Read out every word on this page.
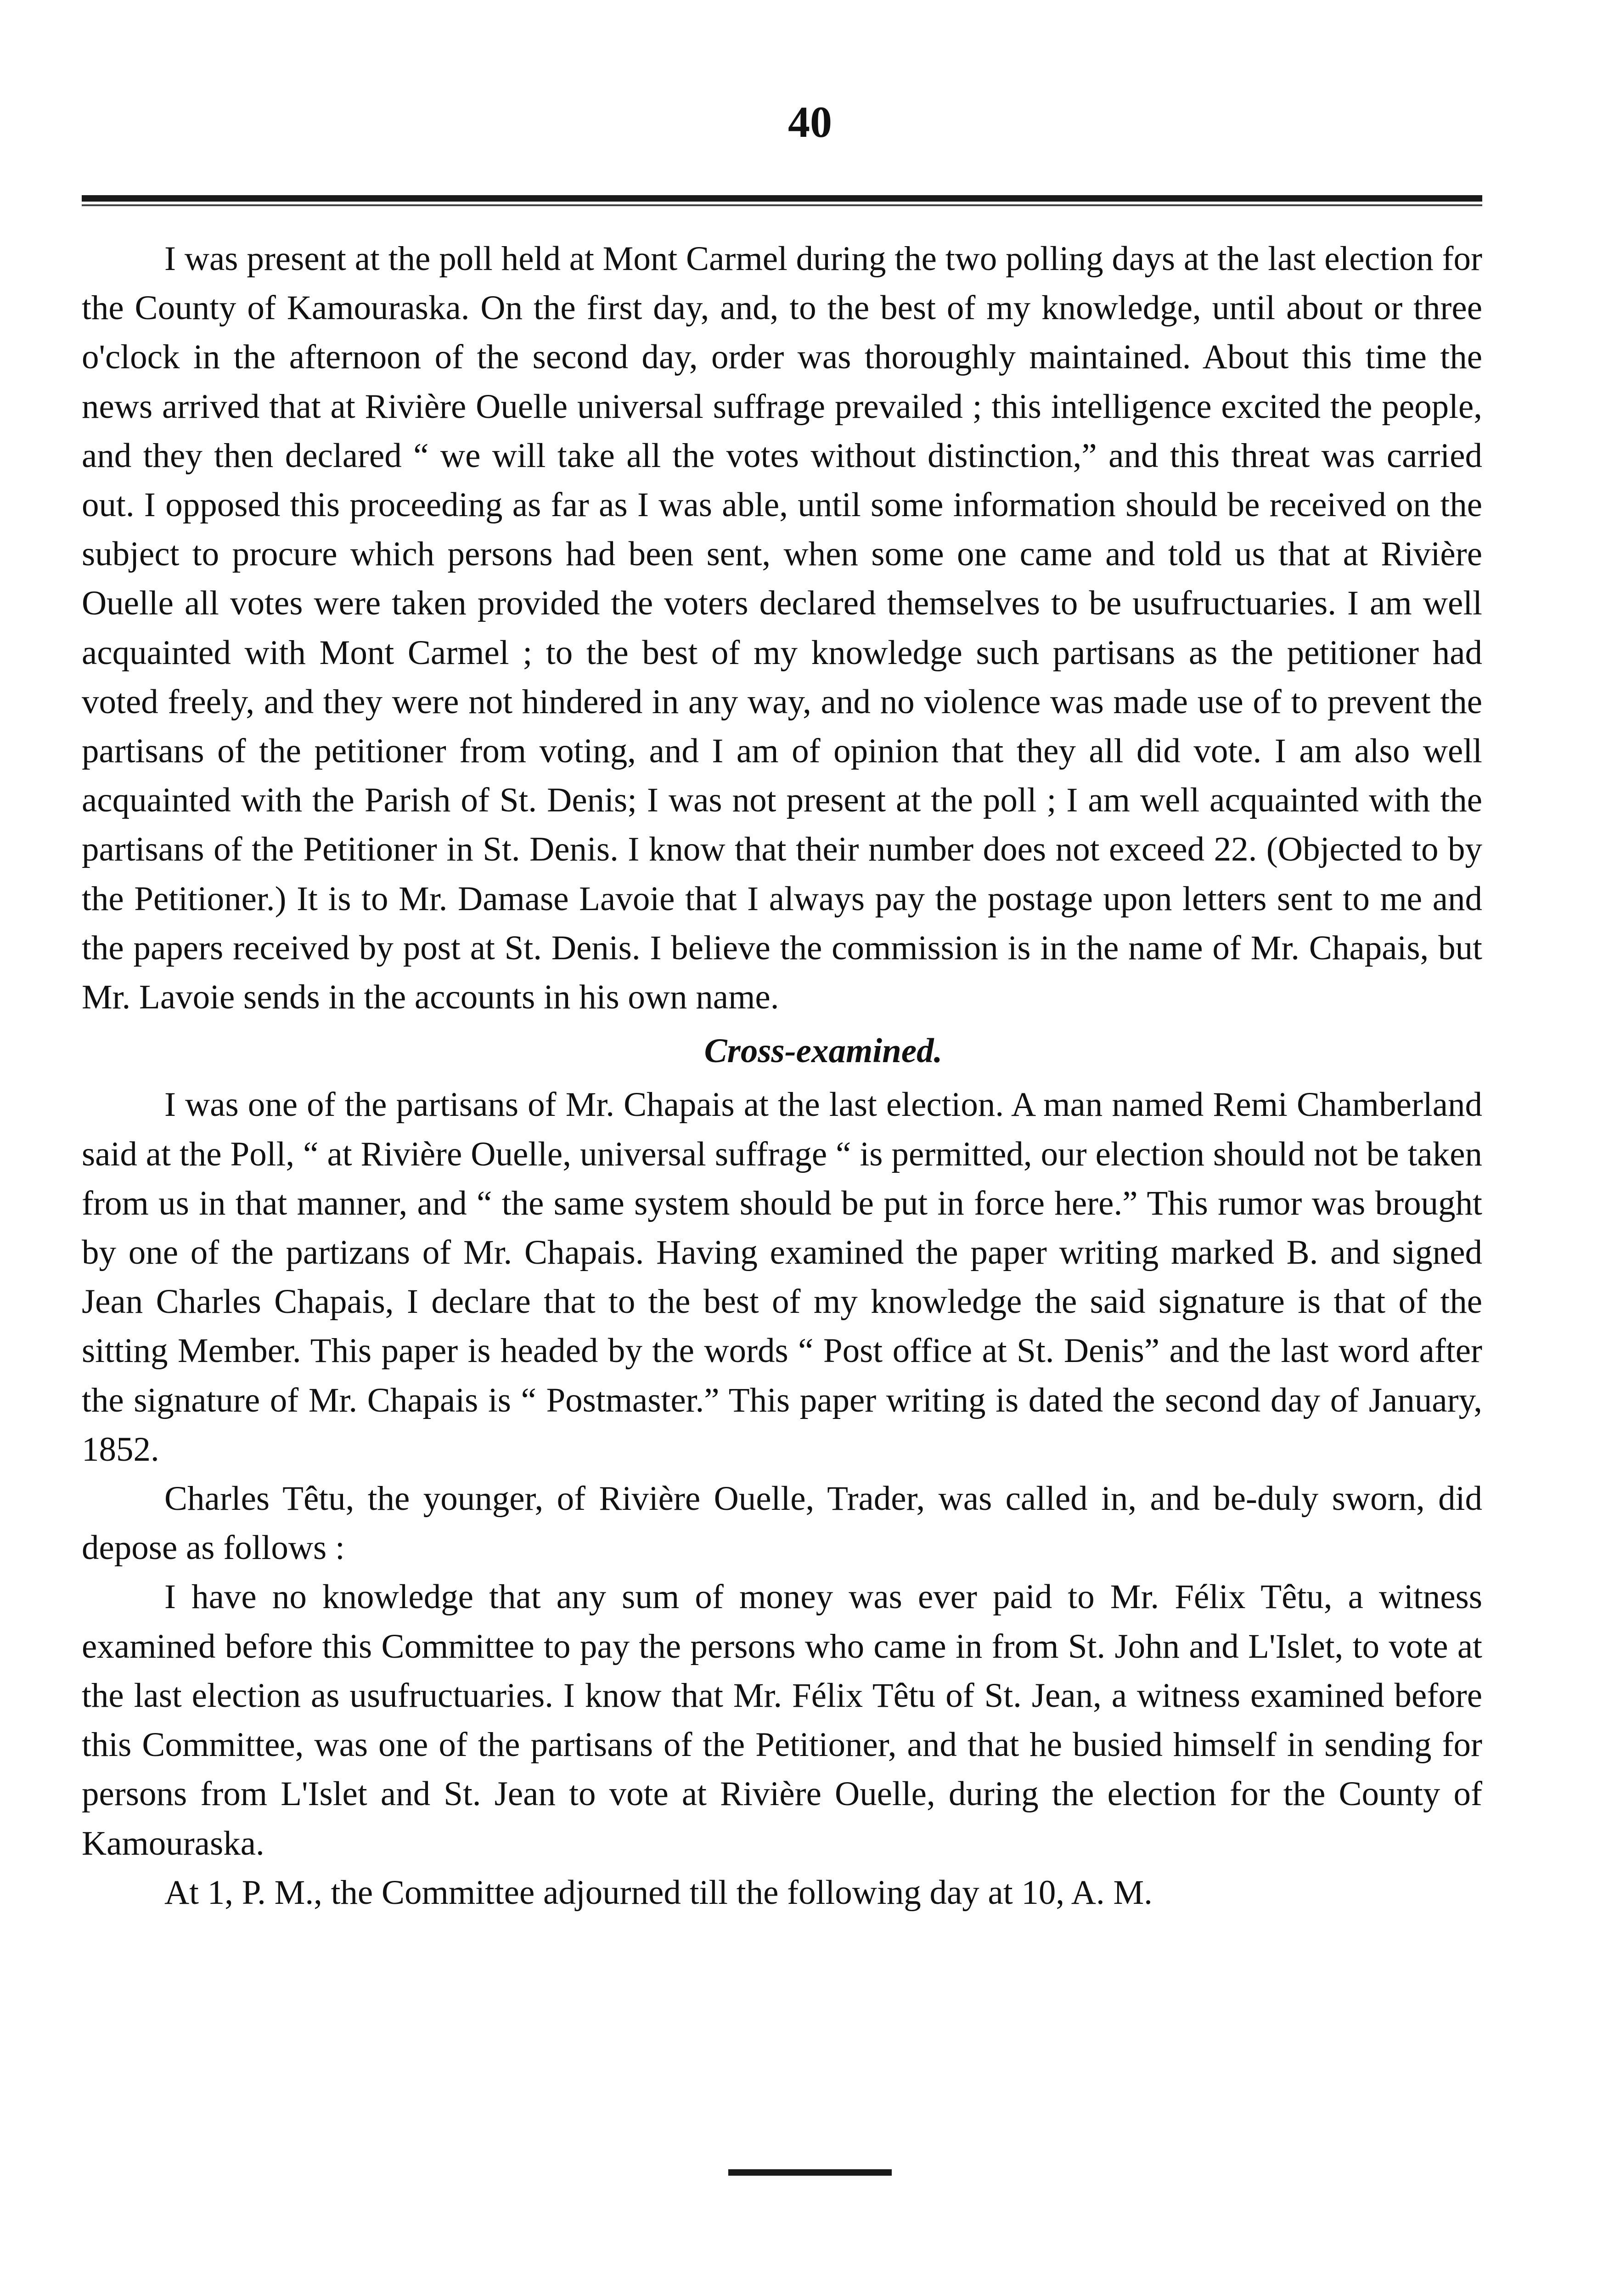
40

I was present at the poll held at Mont Carmel during the two polling days at the last election for the County of Kamouraska. On the first day, and, to the best of my knowledge, until about or three o'clock in the afternoon of the second day, order was thoroughly maintained. About this time the news arrived that at Rivière Ouelle universal suffrage prevailed ; this intelligence excited the people, and they then declared “ we will take all the votes without distinction,” and this threat was carried out. I opposed this proceeding as far as I was able, until some information should be received on the subject to procure which persons had been sent, when some one came and told us that at Rivière Ouelle all votes were taken provided the voters declared themselves to be usufructuaries. I am well acquainted with Mont Carmel ; to the best of my knowledge such partisans as the petitioner had voted freely, and they were not hindered in any way, and no violence was made use of to prevent the partisans of the petitioner from voting, and I am of opinion that they all did vote. I am also well acquainted with the Parish of St. Denis; I was not present at the poll ; I am well acquainted with the partisans of the Petitioner in St. Denis. I know that their number does not exceed 22. (Objected to by the Petitioner.) It is to Mr. Damase Lavoie that I always pay the postage upon letters sent to me and the papers received by post at St. Denis. I believe the commission is in the name of Mr. Chapais, but Mr. Lavoie sends in the accounts in his own name.

Cross-examined.

I was one of the partisans of Mr. Chapais at the last election. A man named Remi Chamberland said at the Poll, “ at Rivière Ouelle, universal suffrage “ is permitted, our election should not be taken from us in that manner, and “ the same system should be put in force here.” This rumor was brought by one of the partizans of Mr. Chapais. Having examined the paper writing marked B. and signed Jean Charles Chapais, I declare that to the best of my knowledge the said signature is that of the sitting Member. This paper is headed by the words “ Post office at St. Denis” and the last word after the signature of Mr. Chapais is “ Postmaster.” This paper writing is dated the second day of January, 1852.

Charles Têtu, the younger, of Rivière Ouelle, Trader, was called in, and be-duly sworn, did depose as follows :

I have no knowledge that any sum of money was ever paid to Mr. Félix Têtu, a witness examined before this Committee to pay the persons who came in from St. John and L'Islet, to vote at the last election as usufructuaries. I know that Mr. Félix Têtu of St. Jean, a witness examined before this Committee, was one of the partisans of the Petitioner, and that he busied himself in sending for persons from L'Islet and St. Jean to vote at Rivière Ouelle, during the election for the County of Kamouraska.

At 1, P. M., the Committee adjourned till the following day at 10, A. M.
